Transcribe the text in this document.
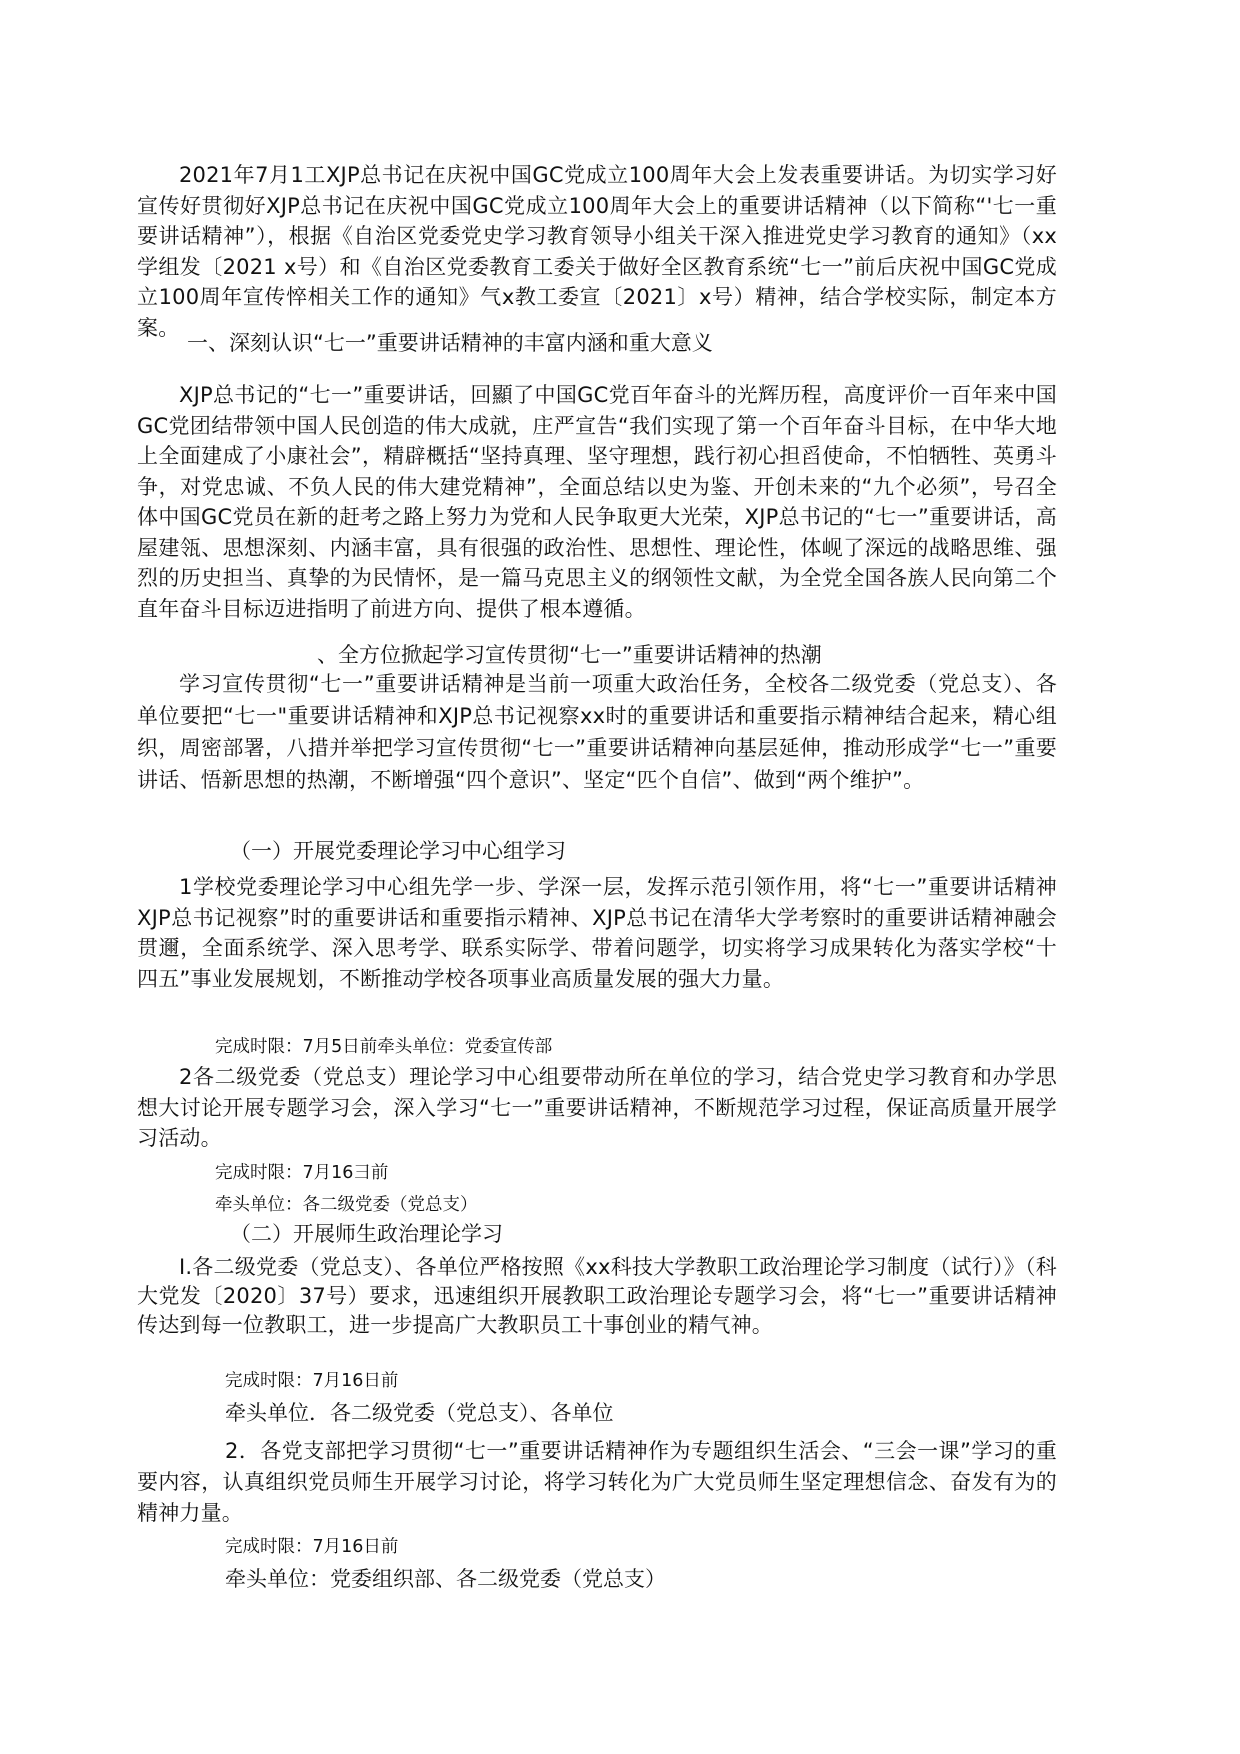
2021年7月1工XJP总书记在庆祝中国GC党成立100周年大会上发表重要讲话。为切实学习好宣传好贯彻好XJP总书记在庆祝中国GC党成立100周年大会上的重要讲话精神（以下简称“'七一重要讲话精神”），根据《自治区党委党史学习教育领导小组关干深入推进党史学习教育的通知》（xx学组发〔2021 x号）和《自治区党委教育工委关于做好全区教育系统“七一”前后庆祝中国GC党成立100周年宣传悴相关工作的通知》气x教工委宣〔2021〕x号）精神，结合学校实际，制定本方案。

一、深刻认识“七一”重要讲话精神的丰富内涵和重大意义

XJP总书记的“七一”重要讲话，回顯了中国GC党百年奋斗的光辉历程，高度评价一百年来中国GC党团结带领中国人民创造的伟大成就，庄严宣告“我们实现了第一个百年奋斗目标，在中华大地上全面建成了小康社会”，精辟概括“坚持真理、坚守理想，践行初心担舀使命，不怕牺牲、英勇斗争，对党忠诚、不负人民的伟大建党精神”，全面总结以史为鉴、开创未来的“九个必须”，号召全体中国GC党员在新的赶考之路上努力为党和人民争取更大光荣，XJP总书记的“七一”重要讲话，高屋建瓴、思想深刻、内涵丰富，具有很强的政治性、思想性、理论性，体岘了深远的战略思维、强烈的历史担当、真挚的为民情怀，是一篇马克思主义的纲领性文献，为全党全国各族人民向第二个直年奋斗目标迈进指明了前进方向、提供了根本遵循。

、全方位掀起学习宣传贯彻“七一”重要讲话精神的热潮

学习宣传贯彻“七一”重要讲话精神是当前一项重大政治任务，全校各二级党委（党总支）、各单位要把“七一"重要讲话精神和XJP总书记视察xx时的重要讲话和重要指示精神结合起来，精心组织，周密部署，八措并举把学习宣传贯彻“七一”重要讲话精神向基层延伸，推动形成学“七一”重要讲话、悟新思想的热潮，不断增强“四个意识”、坚定“匹个自信”、做到“两个维护”。

（一）开展党委理论学习中心组学习

1学校党委理论学习中心组先学一步、学深一层，发挥示范引领作用，将“七一”重要讲话精神XJP总书记视察”时的重要讲话和重要指示精神、XJP总书记在清华大学考察时的重要讲话精神融会贯邇，全面系统学、深入思考学、联系实际学、带着问题学，切实将学习成果转化为落实学校“十四五”事业发展规划，不断推动学校各项事业高质量发展的强大力量。

完成时限：7月5日前牵头单位：党委宣传部

2各二级党委（党总支）理论学习中心组要带动所在单位的学习，结合党史学习教育和办学思想大讨论开展专题学习会，深入学习“七一”重要讲话精神，不断规范学习过程，保证高质量开展学习活动。

完成时限：7月16彐前

牵头单位：各二级党委（党总支）

（二）开展师生政治理论学习

I.各二级党委（党总支）、各单位严格按照《xx科技大学教职工政治理论学习制度（试行）》（科大党发〔2020〕37号）要求，迅速组织开展教职工政治理论专题学习会，将“七一”重要讲话精神传达到每一位教职工，进一步提高广大教职员工十事创业的精气神。

完成时限：7月16日前

牵头单位．各二级党委（党总支）、各单位

2．各党支部把学习贯彻“七一”重要讲话精神作为专题组织生活会、“三会一课”学习的重要内容，认真组织党员师生开展学习讨论，将学习转化为广大党员师生坚定理想信念、奋发有为的精神力量。

完成时限：7月16日前

牵头单位：党委组织部、各二级党委（党总支）
